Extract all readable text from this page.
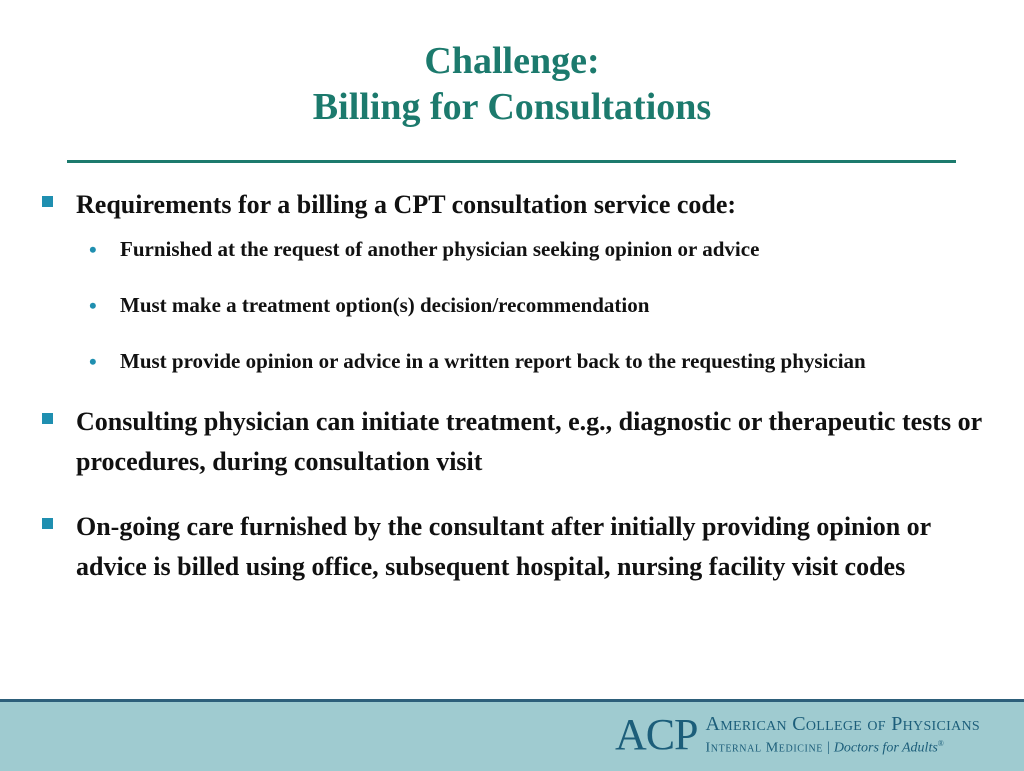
Challenge:
Billing for Consultations
Requirements for a billing a CPT consultation service code:
• Furnished at the request of another physician seeking opinion or advice
• Must make a treatment option(s) decision/recommendation
• Must provide opinion or advice in a written report back to the requesting physician
Consulting physician can initiate treatment, e.g., diagnostic or therapeutic tests or procedures, during consultation visit
On-going care furnished by the consultant after initially providing opinion or advice is billed using office, subsequent hospital, nursing facility visit codes
ACP American College of Physicians
Internal Medicine | Doctors for Adults®
